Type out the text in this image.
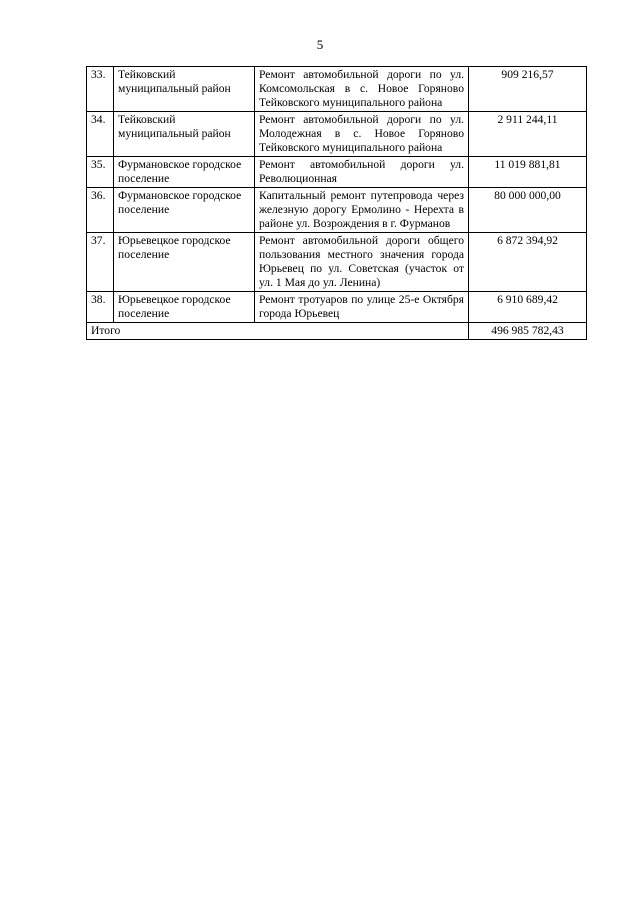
5
33.	Тейковский муниципальный район	Ремонт автомобильной дороги по ул. Комсомольская в с. Новое Горяново Тейковского муниципального района	909 216,57
34.	Тейковский муниципальный район	Ремонт автомобильной дороги по ул. Молодежная в с. Новое Горяново Тейковского муниципального района	2 911 244,11
35.	Фурмановское городское поселение	Ремонт автомобильной дороги ул. Революционная	11 019 881,81
36.	Фурмановское городское поселение	Капитальный ремонт путепровода через железную дорогу Ермолино - Нерехта в районе ул. Возрождения в г. Фурманов	80 000 000,00
37.	Юрьевецкое городское поселение	Ремонт автомобильной дороги общего пользования местного значения города Юрьевец по ул. Советская (участок от ул. 1 Мая до ул. Ленина)	6 872 394,92
38.	Юрьевецкое городское поселение	Ремонт тротуаров по улице 25-е Октября города Юрьевец	6 910 689,42
Итого			496 985 782,43
